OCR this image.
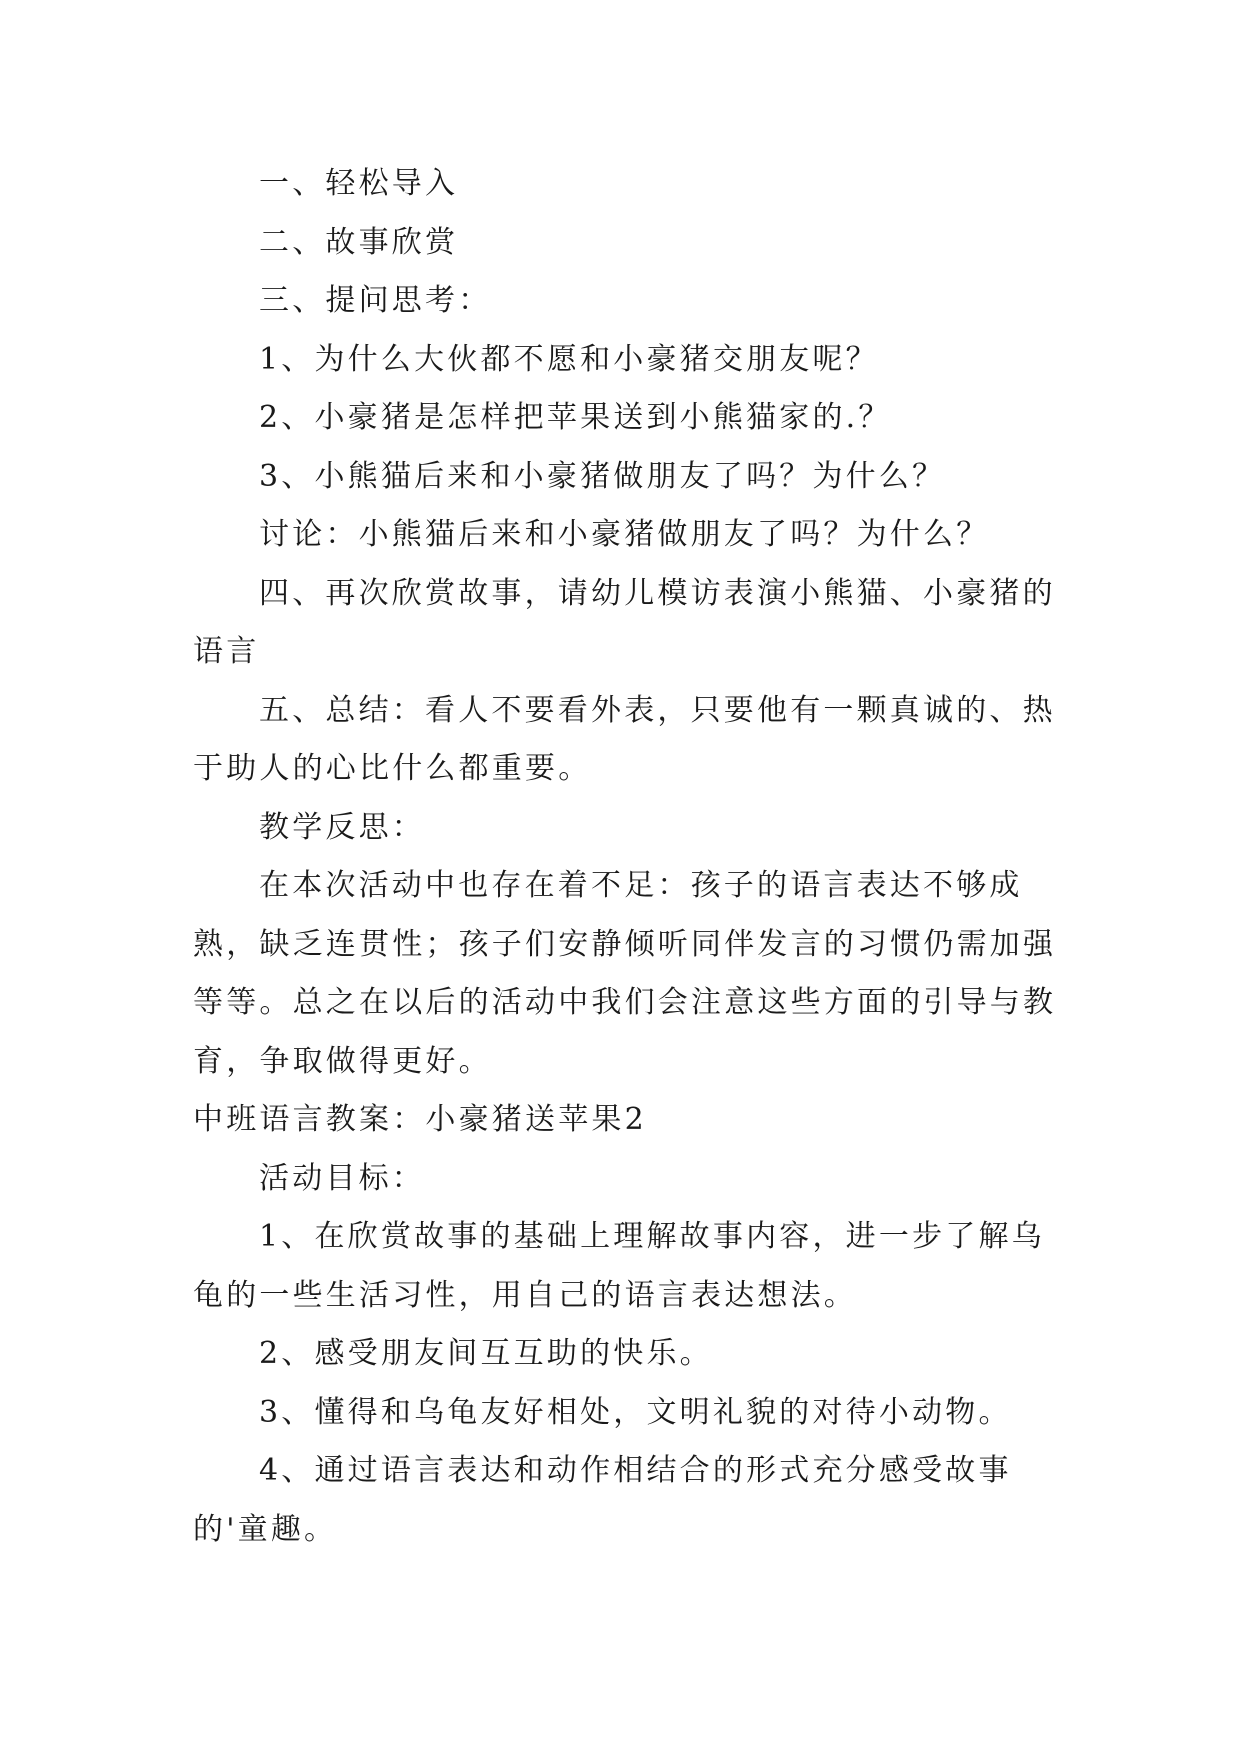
一、轻松导入

二、故事欣赏

三、提问思考：

1、为什么大伙都不愿和小豪猪交朋友呢？

2、小豪猪是怎样把苹果送到小熊猫家的.？

3、小熊猫后来和小豪猪做朋友了吗？为什么？

讨论：小熊猫后来和小豪猪做朋友了吗？为什么？

四、再次欣赏故事，请幼儿模访表演小熊猫、小豪猪的语言

五、总结：看人不要看外表，只要他有一颗真诚的、热于助人的心比什么都重要。

教学反思：

在本次活动中也存在着不足：孩子的语言表达不够成熟，缺乏连贯性；孩子们安静倾听同伴发言的习惯仍需加强等等。总之在以后的活动中我们会注意这些方面的引导与教育，争取做得更好。

中班语言教案：小豪猪送苹果2

活动目标：

1、在欣赏故事的基础上理解故事内容，进一步了解乌龟的一些生活习性，用自己的语言表达想法。

2、感受朋友间互互助的快乐。

3、懂得和乌龟友好相处，文明礼貌的对待小动物。

4、通过语言表达和动作相结合的形式充分感受故事的'童趣。
